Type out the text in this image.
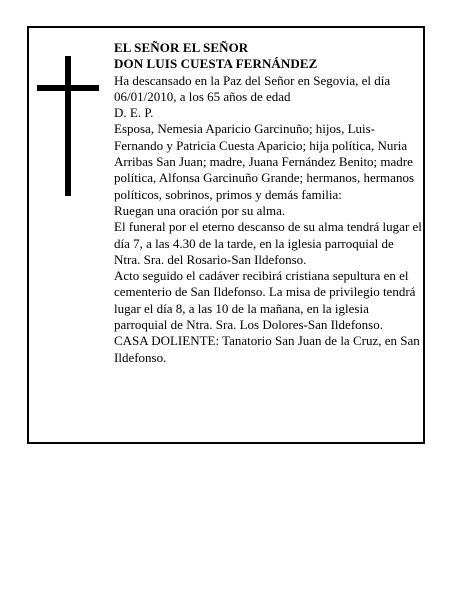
EL SEÑOR EL SEÑOR

DON LUIS CUESTA FERNÁNDEZ

Ha descansado en la Paz del Señor en Segovia, el día 06/01/2010, a los 65 años de edad

D. E. P.

Esposa, Nemesia Aparicio Garcinuño; hijos, Luis-Fernando y Patricia Cuesta Aparicio; hija política, Nuria Arribas San Juan; madre, Juana Fernández Benito; madre política, Alfonsa Garcinuño Grande; hermanos, hermanos políticos, sobrinos, primos y demás familia:

Ruegan una oración por su alma.

El funeral por el eterno descanso de su alma tendrá lugar el día 7, a las 4.30 de la tarde, en la iglesia parroquial de Ntra. Sra. del Rosario-San Ildefonso.

Acto seguido el cadáver recibirá cristiana sepultura en el cementerio de San Ildefonso. La misa de privilegio tendrá lugar el día 8, a las 10 de la mañana, en la iglesia parroquial de Ntra. Sra. Los Dolores-San Ildefonso.

CASA DOLIENTE: Tanatorio San Juan de la Cruz, en San Ildefonso.
